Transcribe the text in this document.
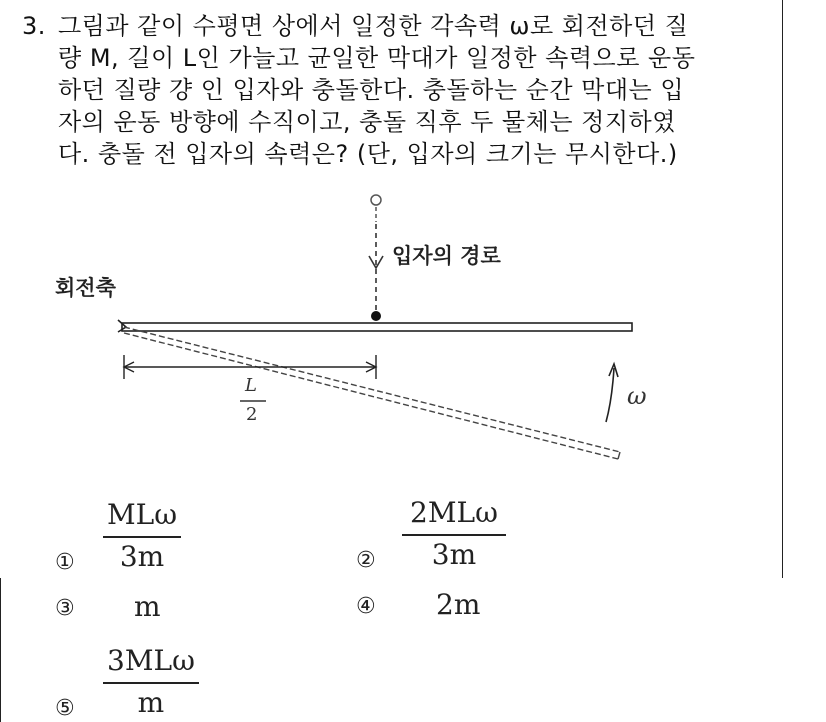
3. 그림과 같이 수평면 상에서 일정한 각속력 ω로 회전하던 질
량 M, 길이 L인 가늘고 균일한 막대가 일정한 속력으로 운동
하던 질량 걍 인 입자와 충돌한다. 충돌하는 순간 막대는 입
자의 운동 방향에 수직이고, 충돌 직후 두 물체는 정지하였
다. 충돌 전 입자의 속력은? (단, 입자의 크기는 무시한다.)
회전축
입자의 경로
L
2
ω
①
MLω
3m	②
2MLω
3m
③ m	④ 2m
⑤
3MLω
m
